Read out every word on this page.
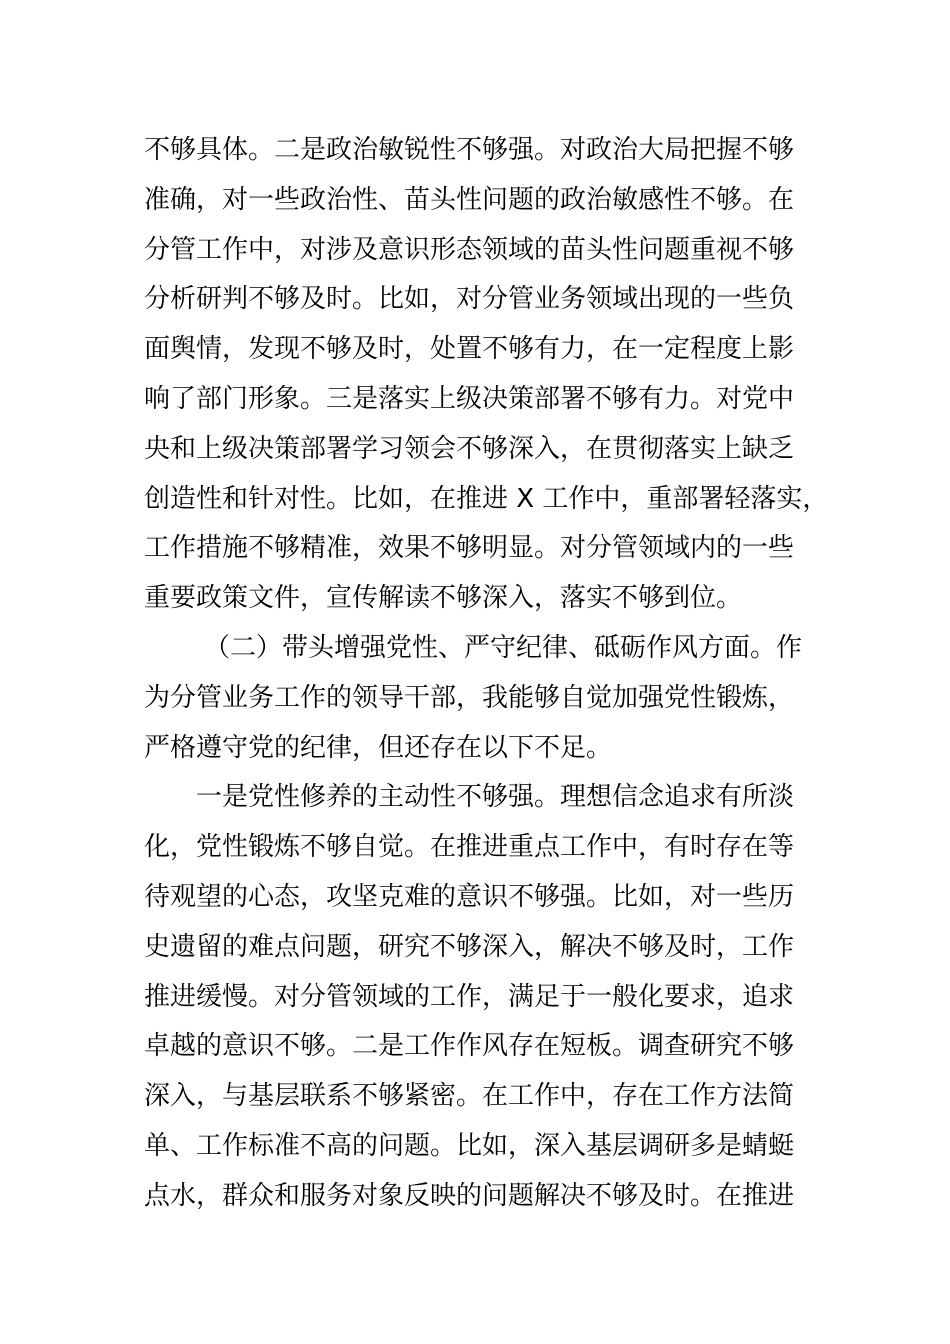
不够具体。二是政治敏锐性不够强。对政治大局把握不够
准确，对一些政治性、苗头性问题的政治敏感性不够。在
分管工作中，对涉及意识形态领域的苗头性问题重视不够
分析研判不够及时。比如，对分管业务领域出现的一些负
面舆情，发现不够及时，处置不够有力，在一定程度上影
响了部门形象。三是落实上级决策部署不够有力。对党中
央和上级决策部署学习领会不够深入，在贯彻落实上缺乏
创造性和针对性。比如，在推进 X 工作中，重部署轻落实，
工作措施不够精准，效果不够明显。对分管领域内的一些
重要政策文件，宣传解读不够深入，落实不够到位。
（二）带头增强党性、严守纪律、砥砺作风方面。作
为分管业务工作的领导干部，我能够自觉加强党性锻炼，
严格遵守党的纪律，但还存在以下不足。
一是党性修养的主动性不够强。理想信念追求有所淡
化，党性锻炼不够自觉。在推进重点工作中，有时存在等
待观望的心态，攻坚克难的意识不够强。比如，对一些历
史遗留的难点问题，研究不够深入，解决不够及时，工作
推进缓慢。对分管领域的工作，满足于一般化要求，追求
卓越的意识不够。二是工作作风存在短板。调查研究不够
深入，与基层联系不够紧密。在工作中，存在工作方法简
单、工作标准不高的问题。比如，深入基层调研多是蜻蜓
点水，群众和服务对象反映的问题解决不够及时。在推进
